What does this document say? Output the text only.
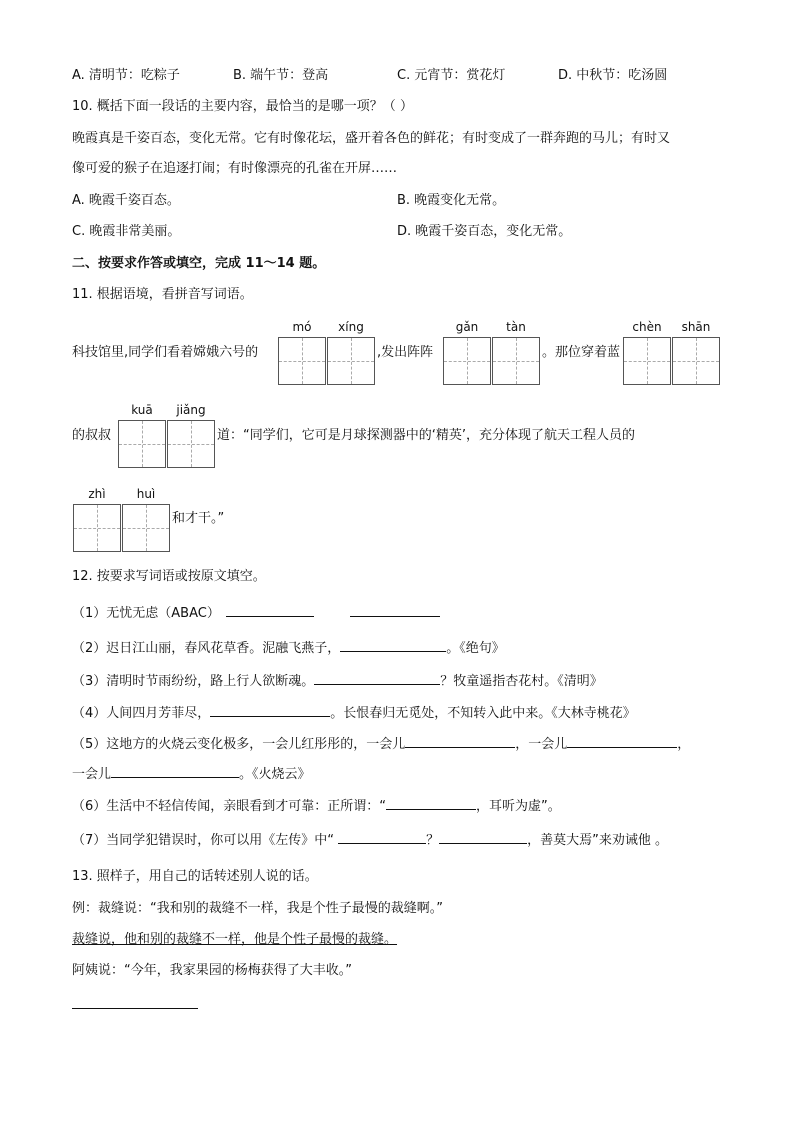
A. 清明节：吃粽子	B. 端午节：登高	C. 元宵节：赏花灯	D. 中秋节：吃汤圆
10. 概括下面一段话的主要内容，最恰当的是哪一项？（ ）
晚霞真是千姿百态，变化无常。它有时像花坛，盛开着各色的鲜花；有时变成了一群奔跑的马儿；有时又
像可爱的猴子在追逐打闹；有时像漂亮的孔雀在开屏……
A. 晚霞千姿百态。	B. 晚霞变化无常。
C. 晚霞非常美丽。	D. 晚霞千姿百态，变化无常。
二、按要求作答或填空，完成 11～14 题。
11. 根据语境，看拼音写词语。
mó	xíng	gǎn	tàn	chèn	shān
科技馆里,同学们看着嫦娥六号的	,发出阵阵	。那位穿着蓝
kuā	jiǎng
的叔叔	道：“同学们，它可是月球探测器中的‘精英’，充分体现了航天工程人员的
zhì	huì
和才干。”
12. 按要求写词语或按原文填空。
（1）无忧无虑（ABAC）
（2）迟日江山丽，春风花草香。泥融飞燕子，	。《绝句》
（3）清明时节雨纷纷，路上行人欲断魂。	？牧童遥指杏花村。《清明》
（4）人间四月芳菲尽，	。长恨春归无觅处，不知转入此中来。《大林寺桃花》
（5）这地方的火烧云变化极多，一会儿红彤彤的，一会儿	，一会儿	，
一会儿	。《火烧云》
（6）生活中不轻信传闻，亲眼看到才可靠：正所谓：“	，耳听为虚”。
（7）当同学犯错误时，你可以用《左传》中“	？	，善莫大焉”来劝诫他 。
13. 照样子，用自己的话转述别人说的话。
例：裁缝说：“我和别的裁缝不一样，我是个性子最慢的裁缝啊。”
裁缝说，他和别的裁缝不一样，他是个性子最慢的裁缝。
阿姨说：“今年，我家果园的杨梅获得了大丰收。”
